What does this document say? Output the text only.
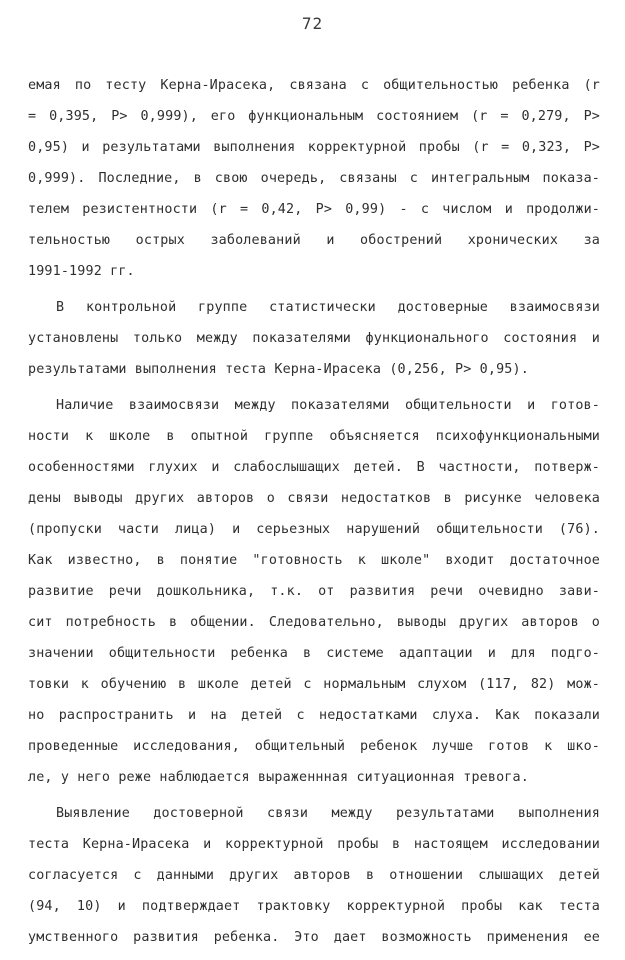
72
емая по тесту Керна-Ирасека, связана с общительностью ребенка (r
= 0,395, P> 0,999), его функциональным состоянием (r = 0,279, P>
0,95) и результатами выполнения корректурной пробы (r = 0,323, P>
0,999). Последние, в свою очередь, связаны с интегральным показа-
телем резистентности (r = 0,42, P> 0,99) - с числом и продолжи-
тельностью острых заболеваний и обострений хронических за
1991-1992 гг.
В контрольной группе статистически достоверные взаимосвязи
установлены только между показателями функционального состояния и
результатами выполнения теста Керна-Ирасека (0,256, P> 0,95).
Наличие взаимосвязи между показателями общительности и готов-
ности к школе в опытной группе объясняется психофункциональными
особенностями глухих и слабослышащих детей. В частности, потверж-
дены выводы других авторов о связи недостатков в рисунке человека
(пропуски части лица) и серьезных нарушений общительности (76).
Как известно, в понятие "готовность к школе" входит достаточное
развитие речи дошкольника, т.к. от развития речи очевидно зави-
сит потребность в общении. Следовательно, выводы других авторов о
значении общительности ребенка в системе адаптации и для подго-
товки к обучению в школе детей с нормальным слухом (117, 82) мож-
но распространить и на детей с недостатками слуха. Как показали
проведенные исследования, общительный ребенок лучше готов к шко-
ле, у него реже наблюдается выраженнная ситуационная тревога.
Выявление достоверной связи между результатами выполнения
теста Керна-Ирасека и корректурной пробы в настоящем исследовании
согласуется с данными других авторов в отношении слышащих детей
(94, 10) и подтверждает трактовку корректурной пробы как теста
умственного развития ребенка. Это дает возможность применения ее
